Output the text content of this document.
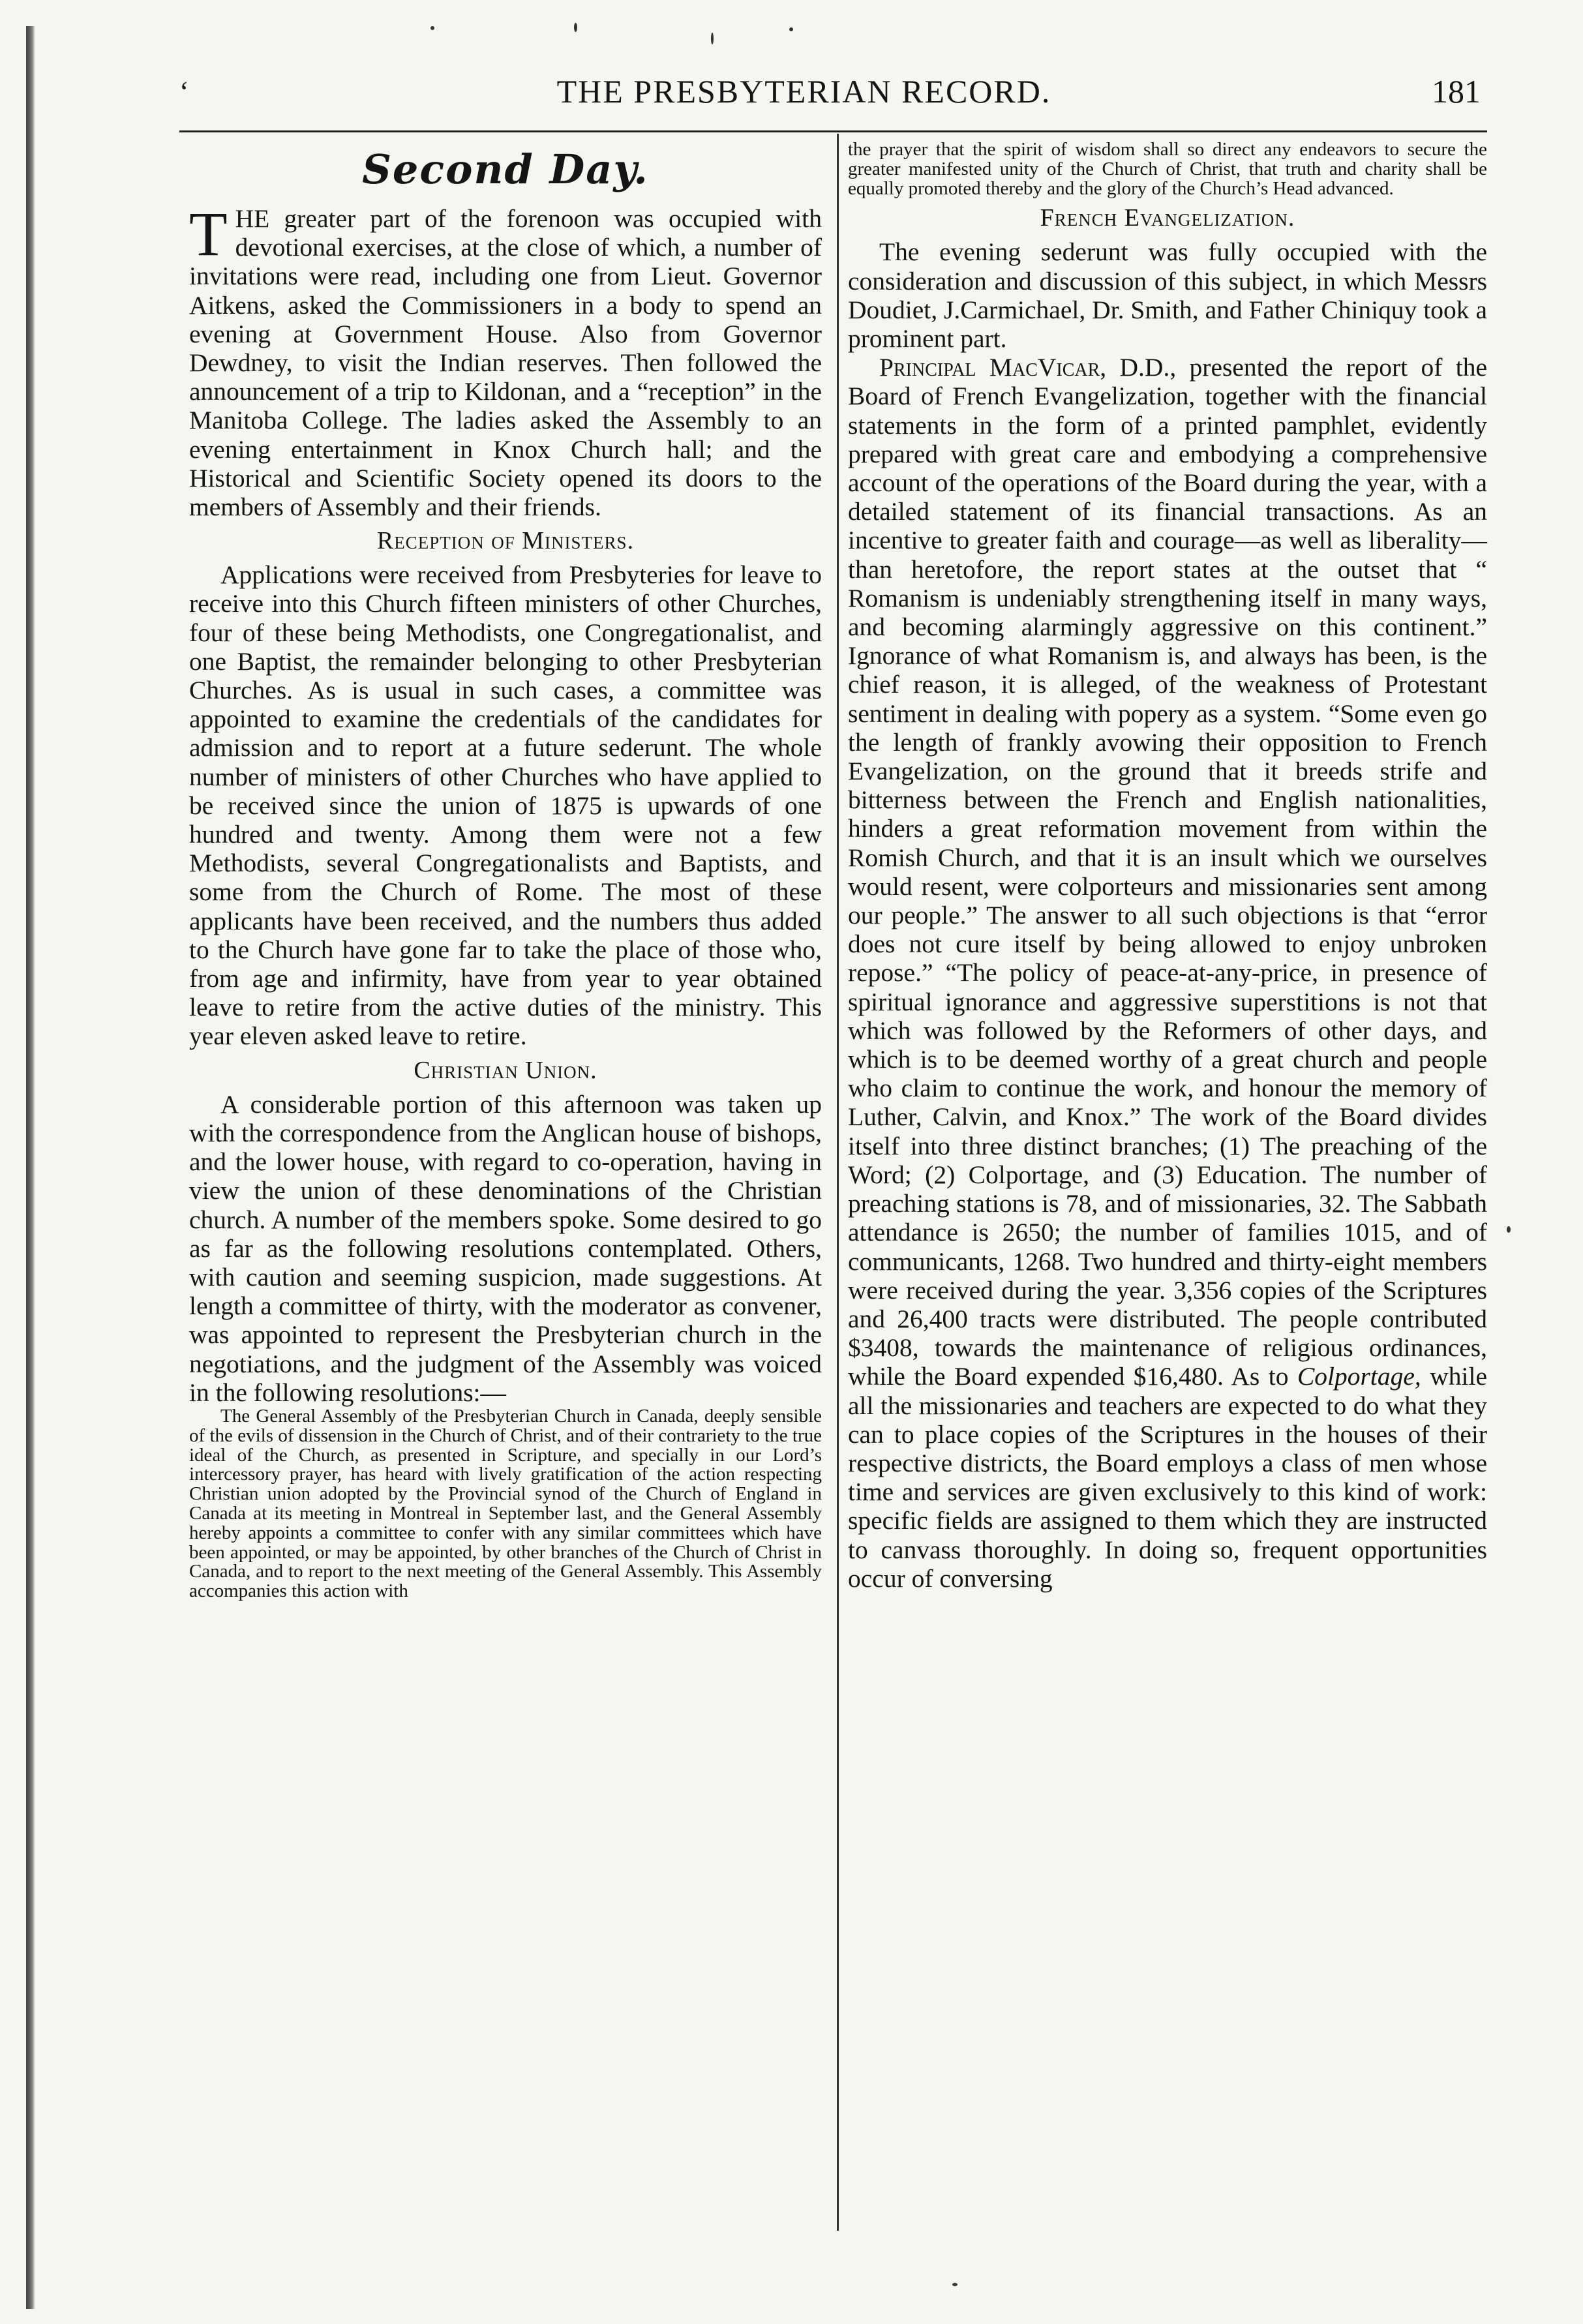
‘	THE PRESBYTERIAN RECORD.	181
Second Day.

THE greater part of the forenoon was occupied with devotional exercises, at the close of which, a number of invitations were read, including one from Lieut. Governor Aitkens, asked the Commissioners in a body to spend an evening at Government House. Also from Governor Dewdney, to visit the Indian reserves. Then followed the announcement of a trip to Kildonan, and a “reception” in the Manitoba College. The ladies asked the Assembly to an evening entertainment in Knox Church hall; and the Historical and Scientific Society opened its doors to the members of Assembly and their friends.

Reception of Ministers.

Applications were received from Presbyteries for leave to receive into this Church fifteen ministers of other Churches, four of these being Methodists, one Congregationalist, and one Baptist, the remainder belonging to other Presbyterian Churches. As is usual in such cases, a committee was appointed to examine the credentials of the candidates for admission and to report at a future sederunt. The whole number of ministers of other Churches who have applied to be received since the union of 1875 is upwards of one hundred and twenty. Among them were not a few Methodists, several Congregationalists and Baptists, and some from the Church of Rome. The most of these applicants have been received, and the numbers thus added to the Church have gone far to take the place of those who, from age and infirmity, have from year to year obtained leave to retire from the active duties of the ministry. This year eleven asked leave to retire.

Christian Union.

A considerable portion of this afternoon was taken up with the correspondence from the Anglican house of bishops, and the lower house, with regard to co-operation, having in view the union of these denominations of the Christian church. A number of the members spoke. Some desired to go as far as the following resolutions contemplated. Others, with caution and seeming suspicion, made suggestions. At length a committee of thirty, with the moderator as convener, was appointed to represent the Presbyterian church in the negotiations, and the judgment of the Assembly was voiced in the following resolutions:—

The General Assembly of the Presbyterian Church in Canada, deeply sensible of the evils of dissension in the Church of Christ, and of their contrariety to the true ideal of the Church, as presented in Scripture, and specially in our Lord’s intercessory prayer, has heard with lively gratification of the action respecting Christian union adopted by the Provincial synod of the Church of England in Canada at its meeting in Montreal in September last, and the General Assembly hereby appoints a committee to confer with any similar committees which have been appointed, or may be appointed, by other branches of the Church of Christ in Canada, and to report to the next meeting of the General Assembly. This Assembly accompanies this action with

the prayer that the spirit of wisdom shall so direct any endeavors to secure the greater manifested unity of the Church of Christ, that truth and charity shall be equally promoted thereby and the glory of the Church’s Head advanced.

French Evangelization.

The evening sederunt was fully occupied with the consideration and discussion of this subject, in which Messrs Doudiet, J.Carmichael, Dr. Smith, and Father Chiniquy took a prominent part.

Principal MacVicar, D.D., presented the report of the Board of French Evangelization, together with the financial statements in the form of a printed pamphlet, evidently prepared with great care and embodying a comprehensive account of the operations of the Board during the year, with a detailed statement of its financial transactions. As an incentive to greater faith and courage—as well as liberality—than heretofore, the report states at the outset that “ Romanism is undeniably strengthening itself in many ways, and becoming alarmingly aggressive on this continent.” Ignorance of what Romanism is, and always has been, is the chief reason, it is alleged, of the weakness of Protestant sentiment in dealing with popery as a system. “Some even go the length of frankly avowing their opposition to French Evangelization, on the ground that it breeds strife and bitterness between the French and English nationalities, hinders a great reformation movement from within the Romish Church, and that it is an insult which we ourselves would resent, were colporteurs and missionaries sent among our people.” The answer to all such objections is that “error does not cure itself by being allowed to enjoy unbroken repose.” “The policy of peace-at-any-price, in presence of spiritual ignorance and aggressive superstitions is not that which was followed by the Reformers of other days, and which is to be deemed worthy of a great church and people who claim to continue the work, and honour the memory of Luther, Calvin, and Knox.” The work of the Board divides itself into three distinct branches; (1) The preaching of the Word; (2) Colportage, and (3) Education. The number of preaching stations is 78, and of missionaries, 32. The Sabbath attendance is 2650; the number of families 1015, and of communicants, 1268. Two hundred and thirty-eight members were received during the year. 3,356 copies of the Scriptures and 26,400 tracts were distributed. The people contributed $3408, towards the maintenance of religious ordinances, while the Board expended $16,480. As to Colportage, while all the missionaries and teachers are expected to do what they can to place copies of the Scriptures in the houses of their respective districts, the Board employs a class of men whose time and services are given exclusively to this kind of work: specific fields are assigned to them which they are instructed to canvass thoroughly. In doing so, frequent opportunities occur of conversing
